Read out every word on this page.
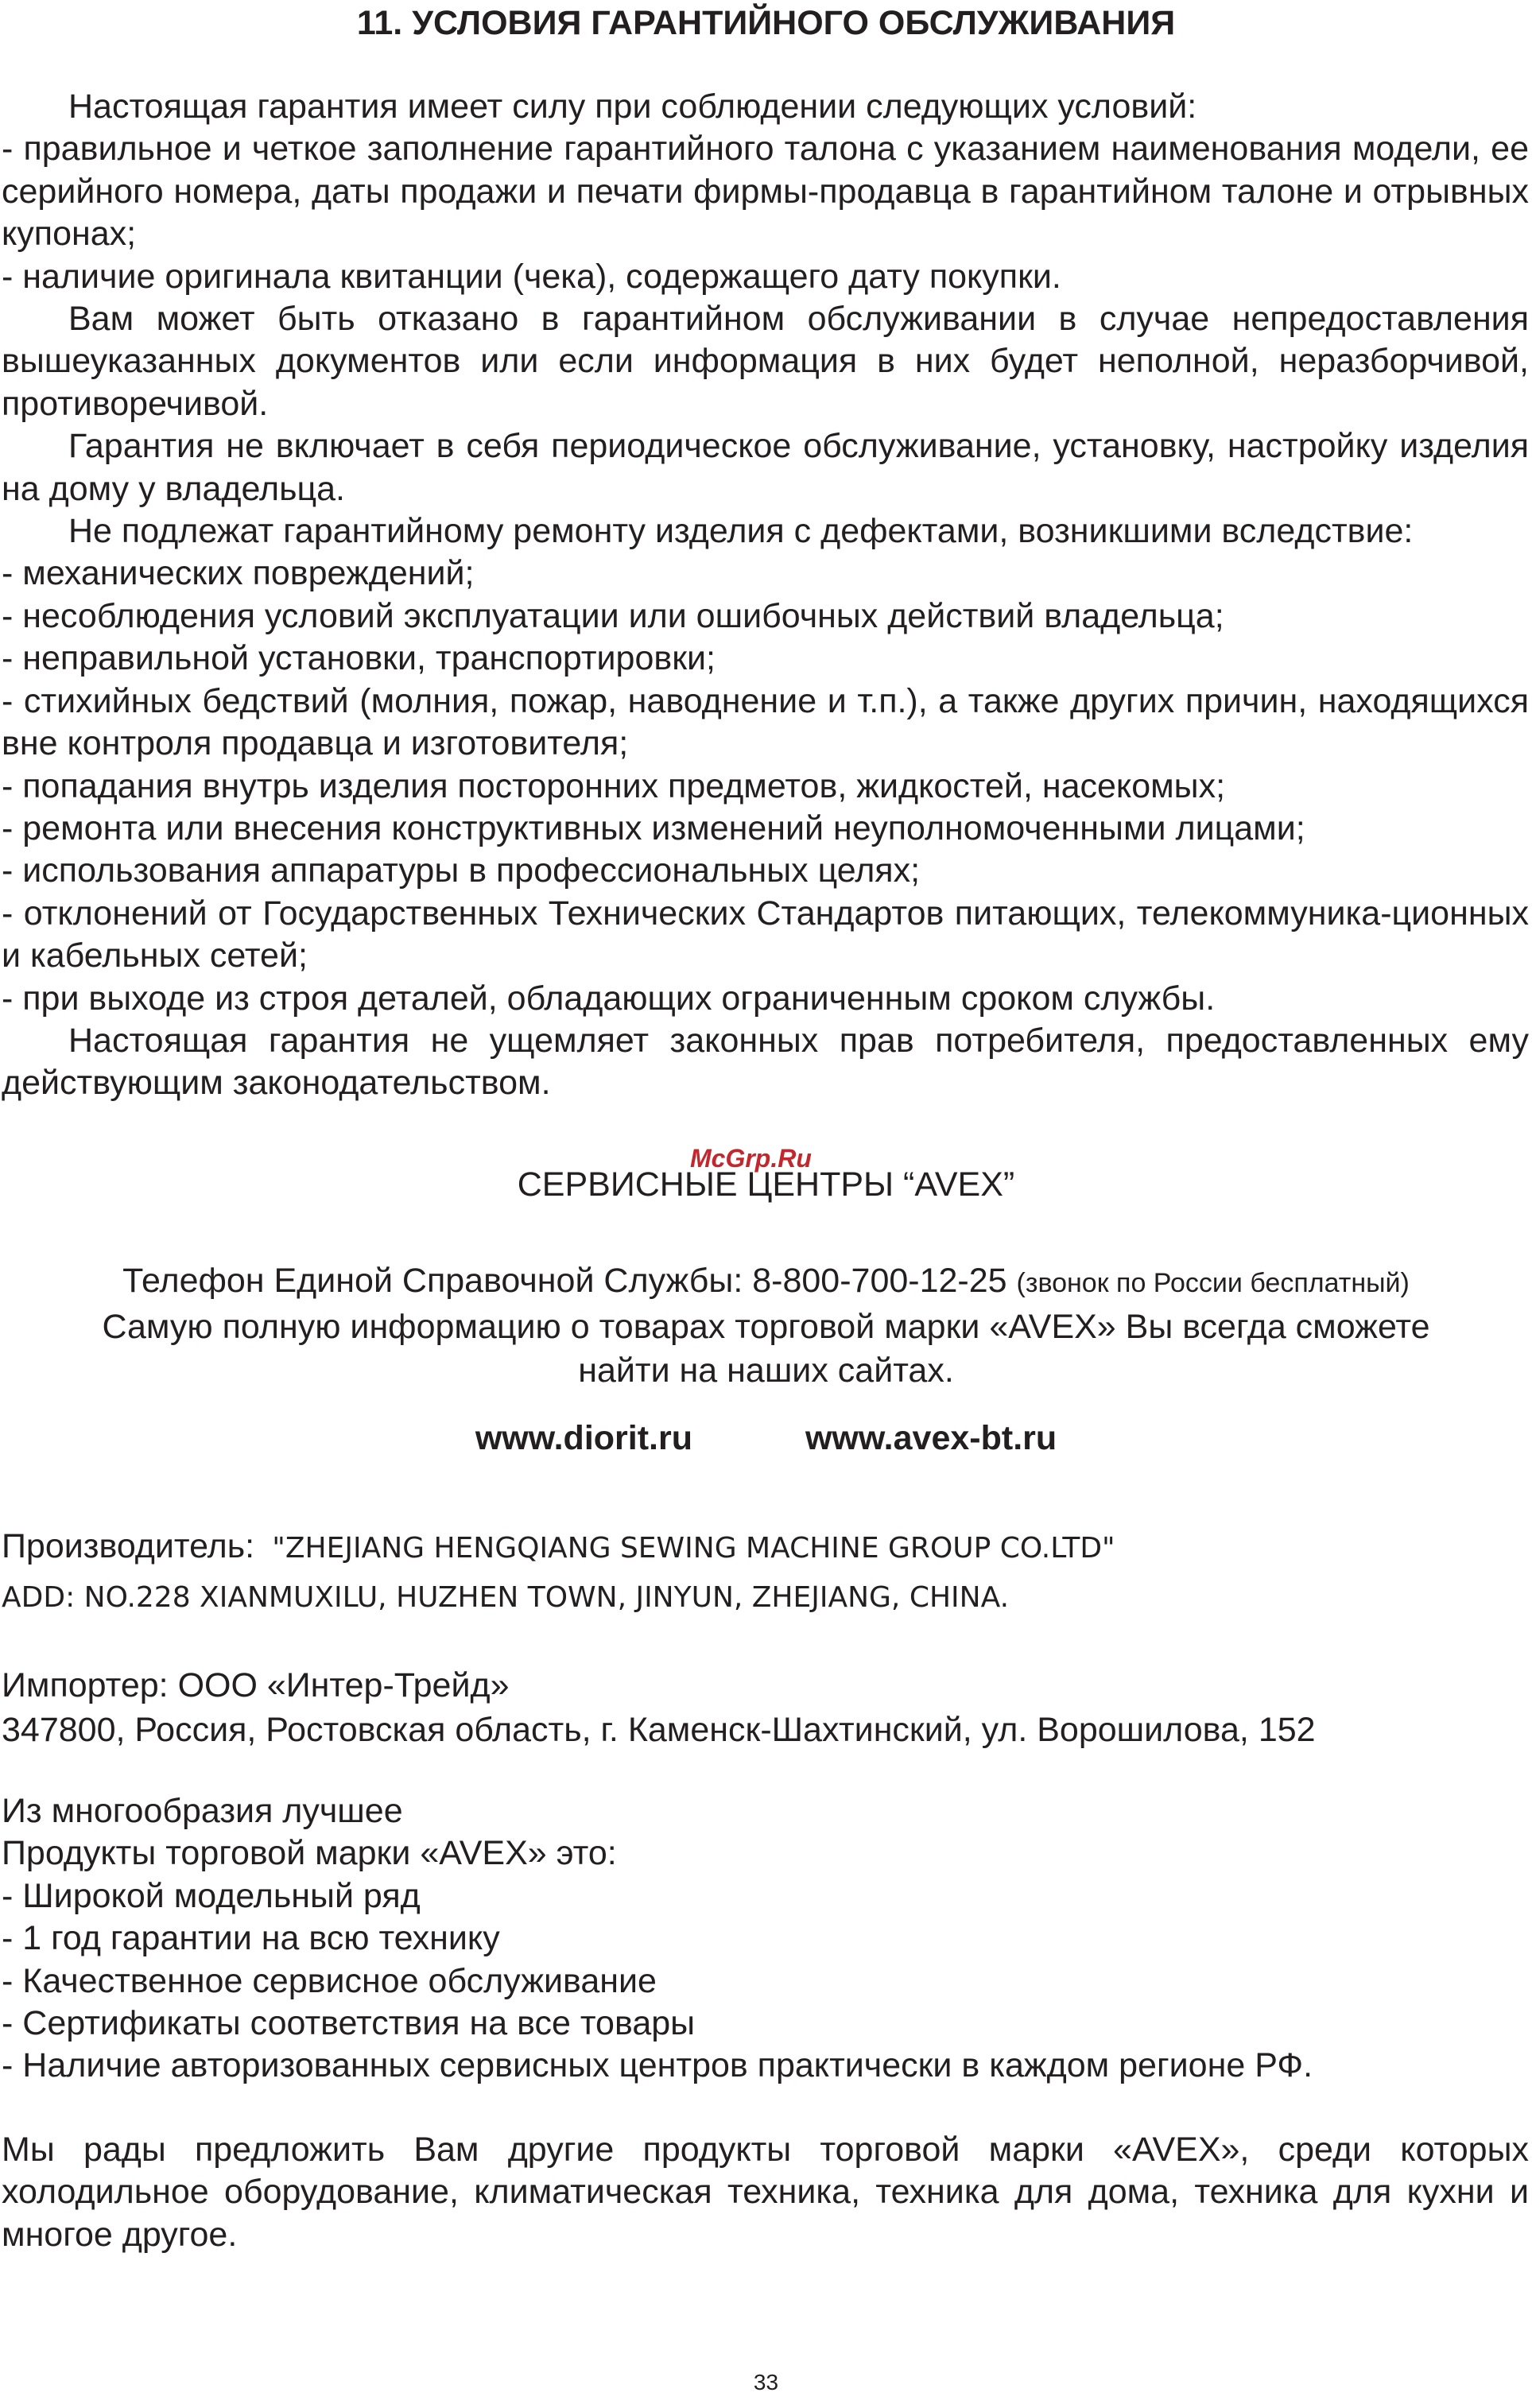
11. УСЛОВИЯ ГАРАНТИЙНОГО ОБСЛУЖИВАНИЯ

Настоящая гарантия имеет силу при соблюдении следующих условий:

- правильное и четкое заполнение гарантийного талона с указанием наименования модели, ее серийного номера, даты продажи и печати фирмы-продавца в гарантийном талоне и отрывных купонах;

- наличие оригинала квитанции (чека), содержащего дату покупки.

Вам может быть отказано в гарантийном обслуживании в случае непредоставления вышеуказанных документов или если информация в них будет неполной, неразборчивой, противоречивой.

Гарантия не включает в себя периодическое обслуживание, установку, настройку изделия на дому у владельца.

Не подлежат гарантийному ремонту изделия с дефектами, возникшими вследствие:

- механических повреждений;

- несоблюдения условий эксплуатации или ошибочных действий владельца;

- неправильной установки, транспортировки;

- стихийных бедствий (молния, пожар, наводнение и т.п.), а также других причин, находящихся вне контроля продавца и изготовителя;

- попадания внутрь изделия посторонних предметов, жидкостей, насекомых;

- ремонта или внесения конструктивных изменений неуполномоченными лицами;

- использования аппаратуры в профессиональных целях;

- отклонений от Государственных Технических Стандартов питающих, телекоммуника-ционных и кабельных сетей;

- при выходе из строя деталей, обладающих ограниченным сроком службы.

Настоящая гарантия не ущемляет законных прав потребителя, предоставленных ему действующим законодательством.

СЕРВИСНЫЕ ЦЕНТРЫ “AVEX”
McGrp.Ru
Телефон Единой Справочной Службы: 8-800-700-12-25 (звонок по России бесплатный)
Самую полную информацию о товарах торговой марки «AVEX» Вы всегда сможете
найти на наших сайтах.
www.diorit.ru	www.avex-bt.ru
Производитель: "ZHEJIANG HENGQIANG SEWING MACHINE GROUP CO.LTD"
ADD: NO.228 XIANMUXILU, HUZHEN TOWN, JINYUN, ZHEJIANG, CHINA.
Импортер: ООО «Интер-Трейд»
347800, Россия, Ростовская область, г. Каменск-Шахтинский, ул. Ворошилова, 152
Из многообразия лучшее
Продукты торговой марки «AVEX» это:
- Широкой модельный ряд
- 1 год гарантии на всю технику
- Качественное сервисное обслуживание
- Сертификаты соответствия на все товары
- Наличие авторизованных сервисных центров практически в каждом регионе РФ.
Мы рады предложить Вам другие продукты торговой марки «AVEX», среди которых холодильное оборудование, климатическая техника, техника для дома, техника для кухни и многое другое.
33
